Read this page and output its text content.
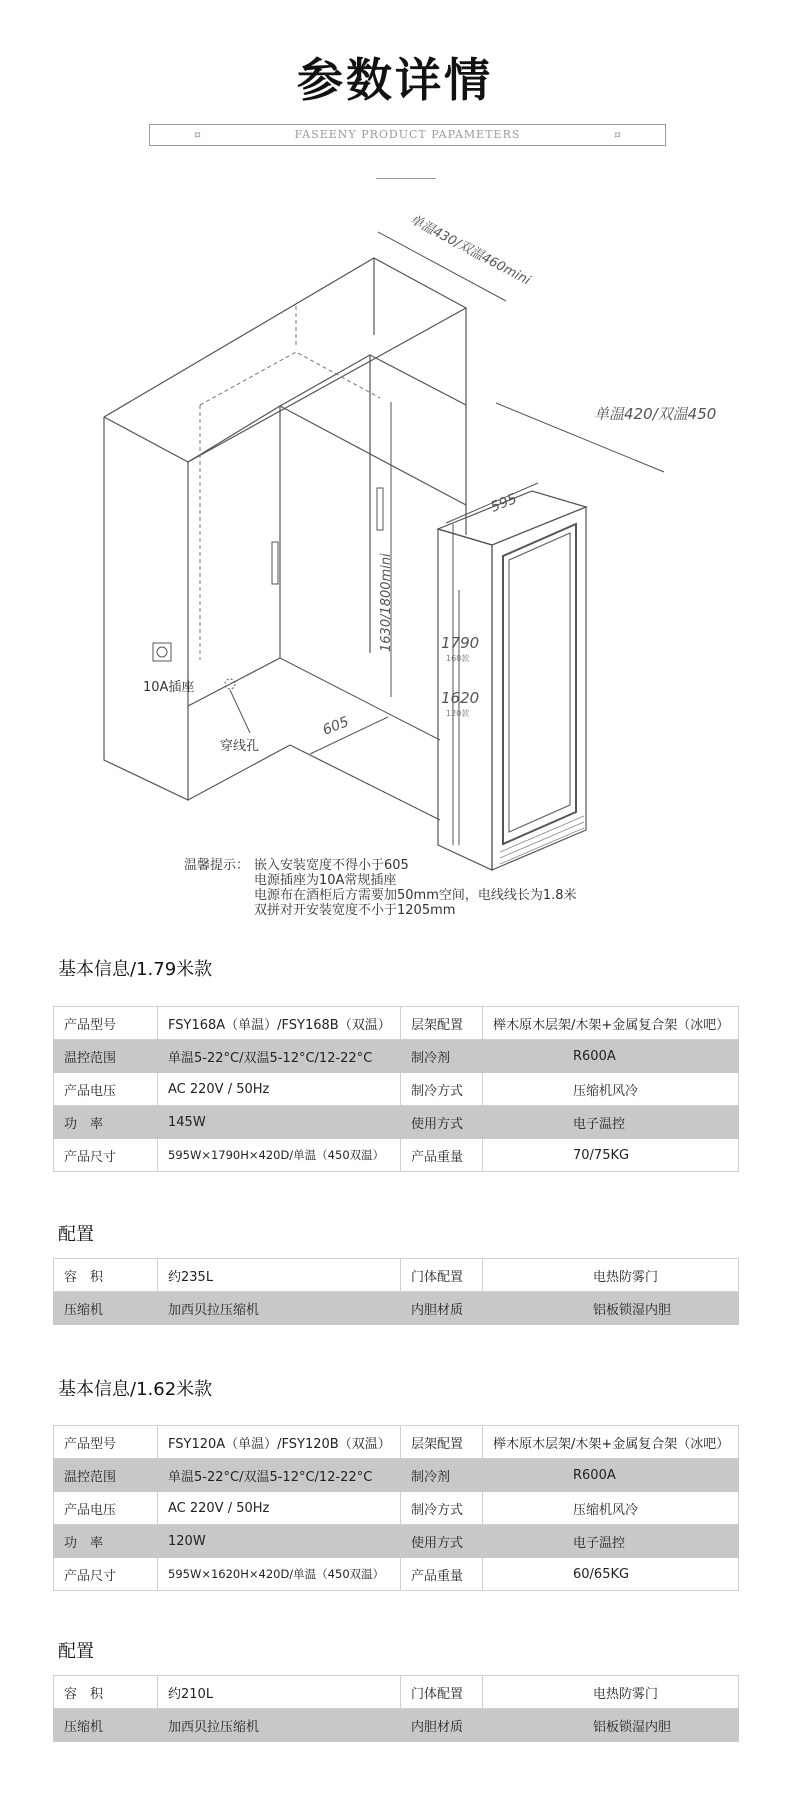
参数详情
¤	FASEENY PRODUCT PAPAMETERS	¤
单温430/双温460mini
单温420/双温450
595
605
1630/1800mini	1790
168款
1620
120款
10A插座
穿线孔
温馨提示： 嵌入安装宽度不得小于605
电源插座为10A常规插座
电源布在酒柜后方需要加50mm空间，电线线长为1.8米
双拼对开安装宽度不小于1205mm
基本信息/1.79米款
产品型号	FSY168A（单温）/FSY168B（双温）	层架配置	榉木原木层架/木架+金属复合架（冰吧）
温控范围	单温5-22°C/双温5-12°C/12-22°C	制冷剂	R600A
产品电压	AC 220V / 50Hz	制冷方式	压缩机风冷
功　率	145W	使用方式	电子温控
产品尺寸	595W×1790H×420D/单温（450双温）	产品重量	70/75KG
配置
容　积	约235L	门体配置	电热防雾门
压缩机	加西贝拉压缩机	内胆材质	铝板锁湿内胆
基本信息/1.62米款
产品型号	FSY120A（单温）/FSY120B（双温）	层架配置	榉木原木层架/木架+金属复合架（冰吧）
温控范围	单温5-22°C/双温5-12°C/12-22°C	制冷剂	R600A
产品电压	AC 220V / 50Hz	制冷方式	压缩机风冷
功　率	120W	使用方式	电子温控
产品尺寸	595W×1620H×420D/单温（450双温）	产品重量	60/65KG
配置
容　积	约210L	门体配置	电热防雾门
压缩机	加西贝拉压缩机	内胆材质	铝板锁湿内胆
